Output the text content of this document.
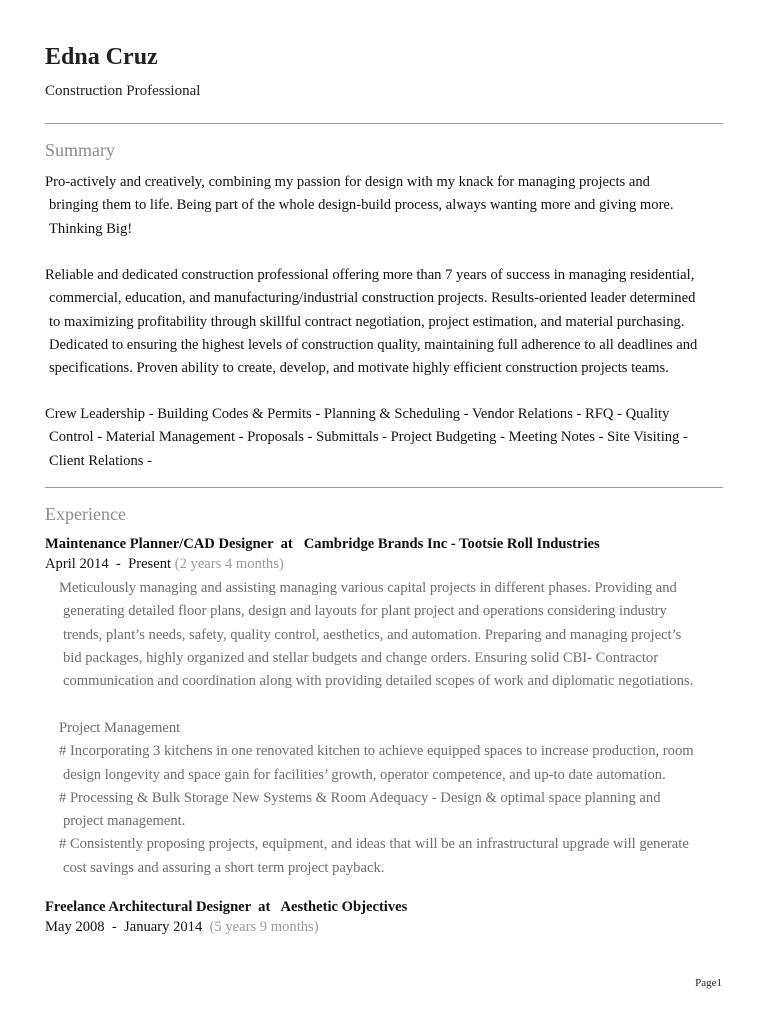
Edna Cruz
Construction Professional
Summary
Pro-actively and creatively, combining my passion for design with my knack for managing projects and
bringing them to life. Being part of the whole design-build process, always wanting more and giving more.
Thinking Big!
Reliable and dedicated construction professional offering more than 7 years of success in managing residential,
commercial, education, and manufacturing/industrial construction projects. Results-oriented leader determined
to maximizing profitability through skillful contract negotiation, project estimation, and material purchasing.
Dedicated to ensuring the highest levels of construction quality, maintaining full adherence to all deadlines and
specifications. Proven ability to create, develop, and motivate highly efficient construction projects teams.
Crew Leadership - Building Codes & Permits - Planning & Scheduling - Vendor Relations - RFQ - Quality
Control - Material Management - Proposals - Submittals - Project Budgeting - Meeting Notes - Site Visiting -
Client Relations -
Experience
Maintenance Planner/CAD Designer  at   Cambridge Brands Inc - Tootsie Roll Industries
April 2014  -  Present (2 years 4 months)
Meticulously managing and assisting managing various capital projects in different phases. Providing and
generating detailed floor plans, design and layouts for plant project and operations considering industry
trends, plant’s needs, safety, quality control, aesthetics, and automation. Preparing and managing project’s
bid packages, highly organized and stellar budgets and change orders. Ensuring solid CBI- Contractor
communication and coordination along with providing detailed scopes of work and diplomatic negotiations.
Project Management
# Incorporating 3 kitchens in one renovated kitchen to achieve equipped spaces to increase production, room
design longevity and space gain for facilities’ growth, operator competence, and up-to date automation.
# Processing & Bulk Storage New Systems & Room Adequacy - Design & optimal space planning and
project management.
# Consistently proposing projects, equipment, and ideas that will be an infrastructural upgrade will generate
cost savings and assuring a short term project payback.
Freelance Architectural Designer  at   Aesthetic Objectives
May 2008  -  January 2014  (5 years 9 months)
Page1
